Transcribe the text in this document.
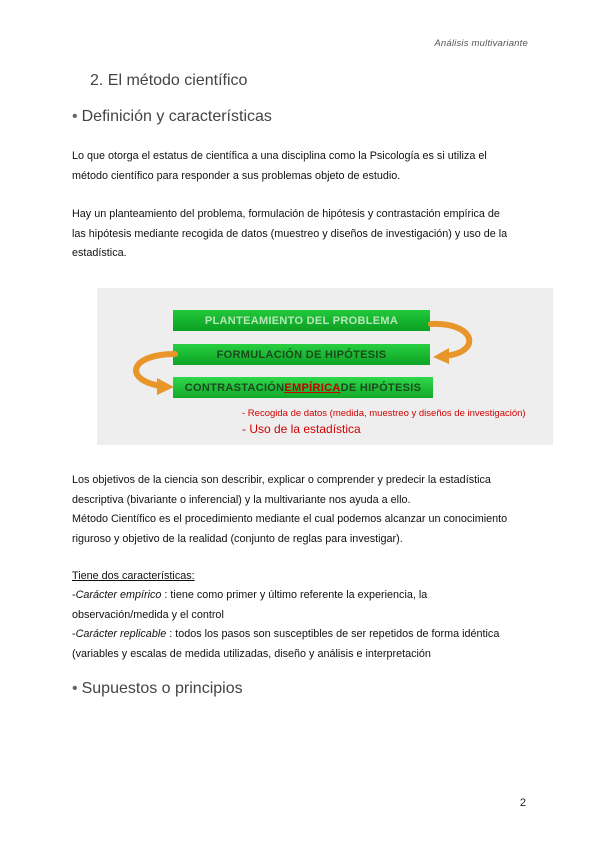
Análisis multivariante
2. El método científico
• Definición y características

Lo que otorga el estatus de científica a una disciplina como la Psicología es si utiliza el
método científico para responder a sus problemas objeto de estudio.

Hay un planteamiento del problema, formulación de hipótesis y contrastación empírica de
las hipótesis mediante recogida de datos (muestreo y diseños de investigación) y uso de la
estadística.

PLANTEAMIENTO DEL PROBLEMA
FORMULACIÓN DE HIPÓTESIS
CONTRASTACIÓN EMPÍRICA DE HIPÓTESIS
- Recogida de datos (medida, muestreo y diseños de investigación)
- Uso de la estadística

Los objetivos de la ciencia son describir, explicar o comprender y predecir la estadística
descriptiva (bivariante o inferencial) y la multivariante nos ayuda a ello.

Método Científico es el procedimiento mediante el cual podemos alcanzar un conocimiento
riguroso y objetivo de la realidad (conjunto de reglas para investigar).

Tiene dos características:

-Carácter empírico : tiene como primer y último referente la experiencia, la
observación/medida y el control

-Carácter replicable : todos los pasos son susceptibles de ser repetidos de forma idéntica
(variables y escalas de medida utilizadas, diseño y análisis e interpretación

• Supuestos o principios
2
